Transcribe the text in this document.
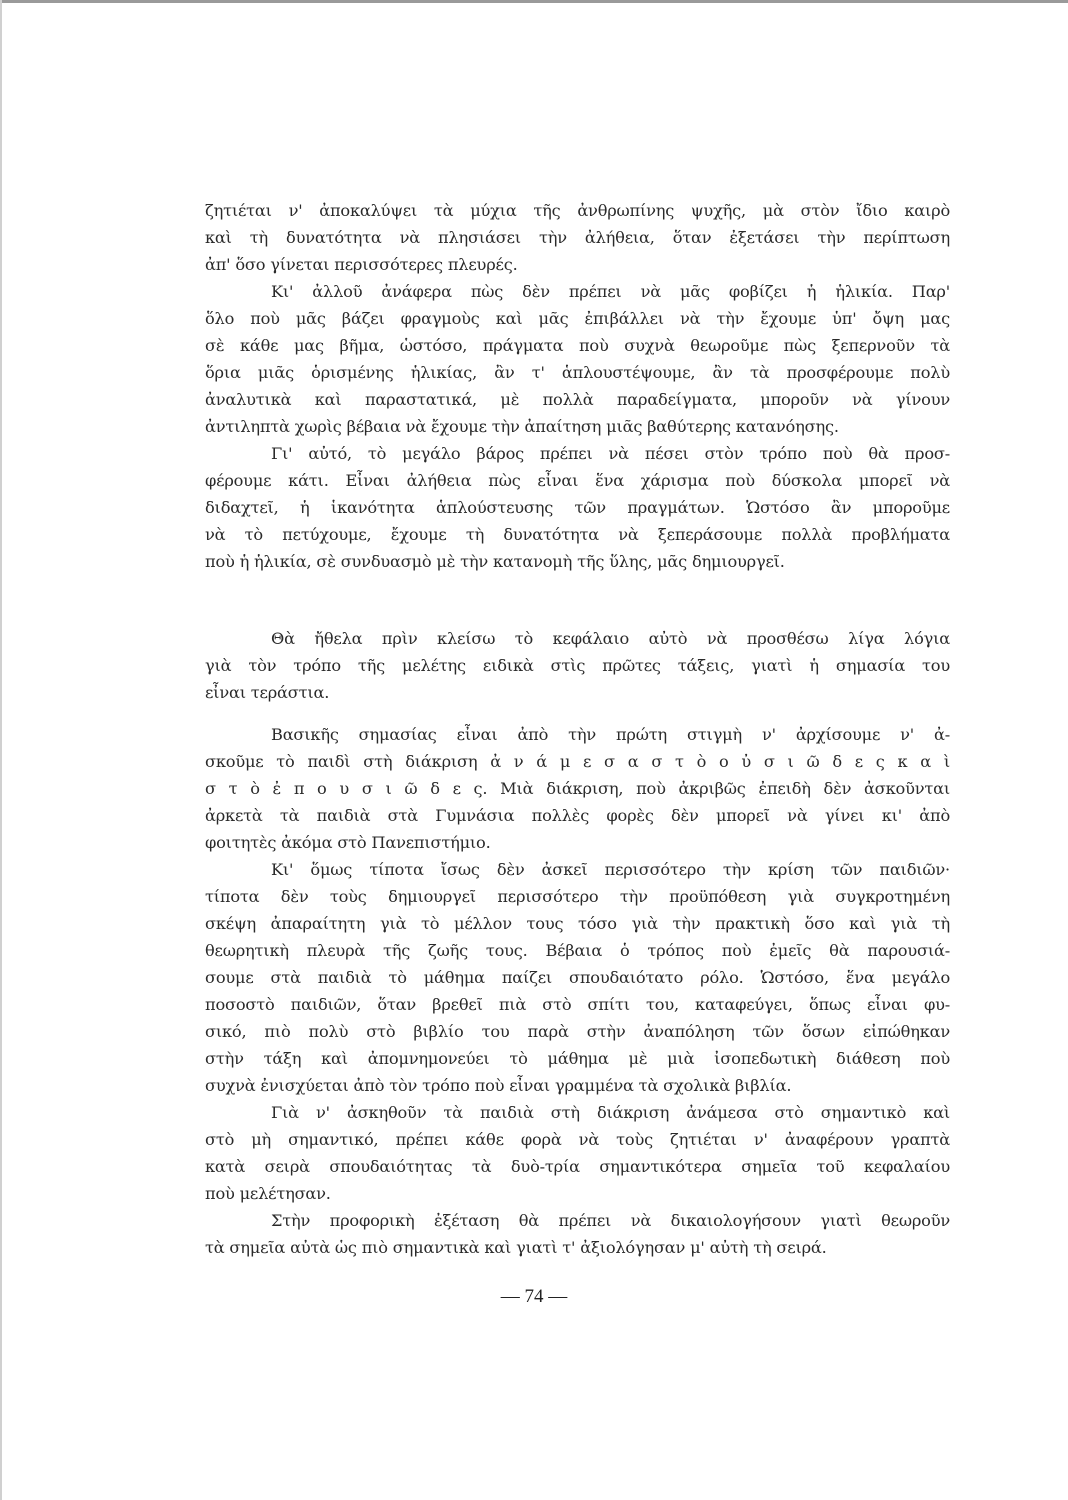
ζητιέται ν' ἀποκαλύψει τὰ μύχια τῆς ἀνθρωπίνης ψυχῆς, μὰ στὸν ἴδιο καιρὸ
καὶ τὴ δυνατότητα νὰ πλησιάσει τὴν ἀλήθεια, ὅταν ἐξετάσει τὴν περίπτωση
ἀπ' ὅσο γίνεται περισσότερες πλευρές.
Κι' ἀλλοῦ ἀνάφερα πὼς δὲν πρέπει νὰ μᾶς φοβίζει ἡ ἡλικία. Παρ'
ὅλο ποὺ μᾶς βάζει φραγμοὺς καὶ μᾶς ἐπιβάλλει νὰ τὴν ἔχουμε ὑπ' ὄψη μας
σὲ κάθε μας βῆμα, ὡστόσο, πράγματα ποὺ συχνὰ θεωροῦμε πὼς ξεπερνοῦν τὰ
ὅρια μιᾶς ὁρισμένης ἡλικίας, ἂν τ' ἁπλουστέψουμε, ἂν τὰ προσφέρουμε πολὺ
ἀναλυτικὰ καὶ παραστατικά, μὲ πολλὰ παραδείγματα, μποροῦν νὰ γίνουν
ἀντιληπτὰ χωρὶς βέβαια νὰ ἔχουμε τὴν ἀπαίτηση μιᾶς βαθύτερης κατανόησης.
Γι' αὐτό, τὸ μεγάλο βάρος πρέπει νὰ πέσει στὸν τρόπο ποὺ θὰ προσ-
φέρουμε κάτι. Εἶναι ἀλήθεια πὼς εἶναι ἕνα χάρισμα ποὺ δύσκολα μπορεῖ νὰ
διδαχτεῖ, ἡ ἱκανότητα ἁπλούστευσης τῶν πραγμάτων. Ὡστόσο ἂν μποροῦμε
νὰ τὸ πετύχουμε, ἔχουμε τὴ δυνατότητα νὰ ξεπεράσουμε πολλὰ προβλήματα
ποὺ ἡ ἡλικία, σὲ συνδυασμὸ μὲ τὴν κατανομὴ τῆς ὕλης, μᾶς δημιουργεῖ.
Θὰ ἤθελα πρὶν κλείσω τὸ κεφάλαιο αὐτὸ νὰ προσθέσω λίγα λόγια
γιὰ τὸν τρόπο τῆς μελέτης ειδικὰ στὶς πρῶτες τάξεις, γιατὶ ἡ σημασία του
εἶναι τεράστια.
Βασικῆς σημασίας εἶναι ἀπὸ τὴν πρώτη στιγμὴ ν' ἀρχίσουμε ν' ἀ-
σκοῦμε τὸ παιδὶ στὴ διάκριση ἀ ν ά μ ε σ α σ τ ὸ ο ὐ σ ι ῶ δ ε ς κ α ὶ
σ τ ὸ ἐ π ο υ σ ι ῶ δ ε ς. Μιὰ διάκριση, ποὺ ἀκριβῶς ἐπειδὴ δὲν ἀσκοῦνται
ἀρκετὰ τὰ παιδιὰ στὰ Γυμνάσια πολλὲς φορὲς δὲν μπορεῖ νὰ γίνει κι' ἀπὸ
φοιτητὲς ἀκόμα στὸ Πανεπιστήμιο.
Κι' ὅμως τίποτα ἴσως δὲν ἀσκεῖ περισσότερο τὴν κρίση τῶν παιδιῶν·
τίποτα δὲν τοὺς δημιουργεῖ περισσότερο τὴν προϋπόθεση γιὰ συγκροτημένη
σκέψη ἀπαραίτητη γιὰ τὸ μέλλον τους τόσο γιὰ τὴν πρακτικὴ ὅσο καὶ γιὰ τὴ
θεωρητικὴ πλευρὰ τῆς ζωῆς τους. Βέβαια ὁ τρόπος ποὺ ἐμεῖς θὰ παρουσιά-
σουμε στὰ παιδιὰ τὸ μάθημα παίζει σπουδαιότατο ρόλο. Ὡστόσο, ἕνα μεγάλο
ποσοστὸ παιδιῶν, ὅταν βρεθεῖ πιὰ στὸ σπίτι του, καταφεύγει, ὅπως εἶναι φυ-
σικό, πιὸ πολὺ στὸ βιβλίο του παρὰ στὴν ἀναπόληση τῶν ὅσων εἰπώθηκαν
στὴν τάξη καὶ ἀπομνημονεύει τὸ μάθημα μὲ μιὰ ἰσοπεδωτικὴ διάθεση ποὺ
συχνὰ ἐνισχύεται ἀπὸ τὸν τρόπο ποὺ εἶναι γραμμένα τὰ σχολικὰ βιβλία.
Γιὰ ν' ἀσκηθοῦν τὰ παιδιὰ στὴ διάκριση ἀνάμεσα στὸ σημαντικὸ καὶ
στὸ μὴ σημαντικό, πρέπει κάθε φορὰ νὰ τοὺς ζητιέται ν' ἀναφέρουν γραπτὰ
κατὰ σειρὰ σπουδαιότητας τὰ δυὸ-τρία σημαντικότερα σημεῖα τοῦ κεφαλαίου
ποὺ μελέτησαν.
Στὴν προφορικὴ ἐξέταση θὰ πρέπει νὰ δικαιολογήσουν γιατὶ θεωροῦν
τὰ σημεῖα αὐτὰ ὡς πιὸ σημαντικὰ καὶ γιατὶ τ' ἀξιολόγησαν μ' αὐτὴ τὴ σειρά.
— 74 —
